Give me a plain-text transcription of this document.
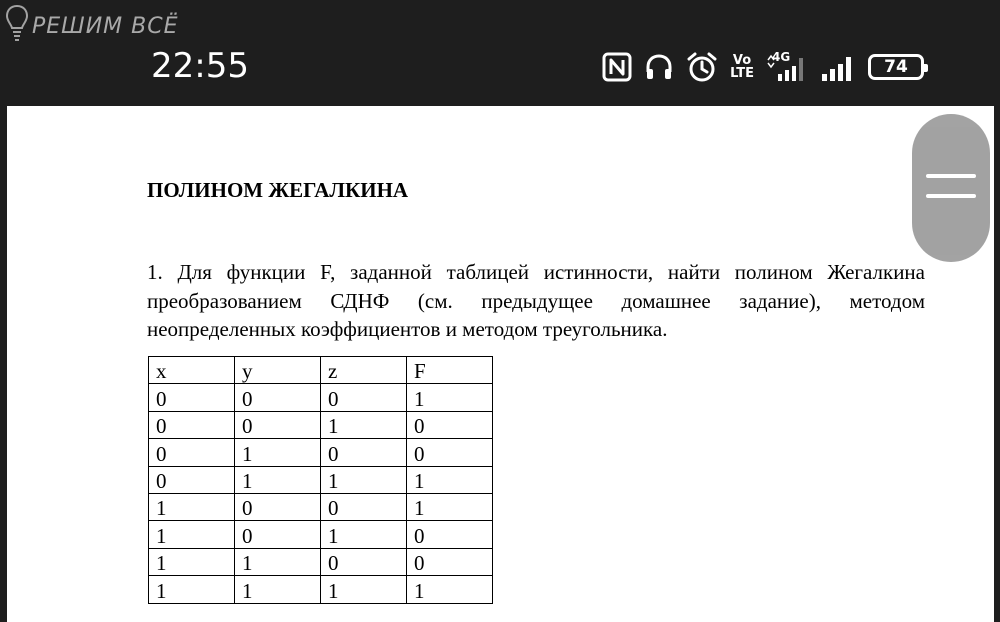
РЕШИМ ВСЁ
22:55	Vo
LTE
4G	74
ПОЛИНОМ ЖЕГАЛКИНА
1. Для функции F, заданной таблицей истинности, найти полином Жегалкина преобразованием СДНФ (см. предыдущее домашнее задание), методом неопределенных коэффициентов и методом треугольника.
x	y	z	F
0	0	0	1
0	0	1	0
0	1	0	0
0	1	1	1
1	0	0	1
1	0	1	0
1	1	0	0
1	1	1	1
